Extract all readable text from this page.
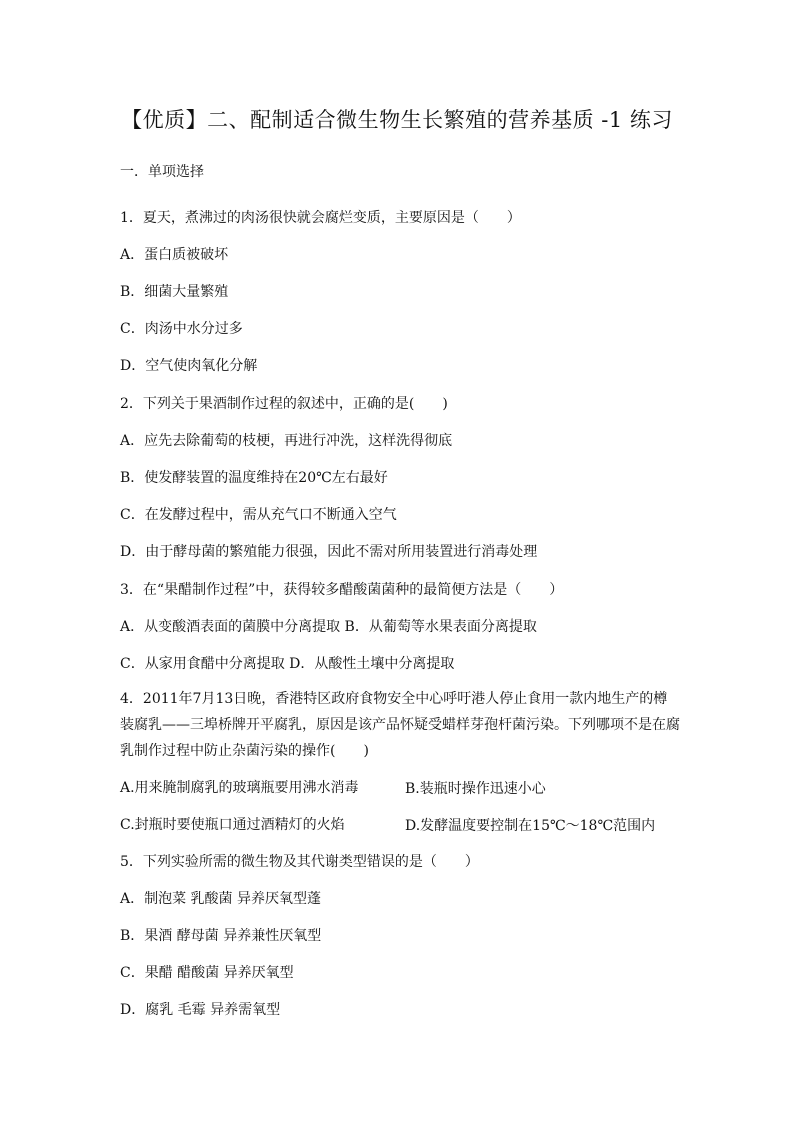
【优质】二、配制适合微生物生长繁殖的营养基质 -1 练习
一．单项选择
1．夏天，煮沸过的肉汤很快就会腐烂变质，主要原因是（　　）
A．蛋白质被破坏
B．细菌大量繁殖
C．肉汤中水分过多
D．空气使肉氧化分解
2．下列关于果酒制作过程的叙述中，正确的是(　　)
A．应先去除葡萄的枝梗，再进行冲洗，这样洗得彻底
B．使发酵装置的温度维持在20℃左右最好
C．在发酵过程中，需从充气口不断通入空气
D．由于酵母菌的繁殖能力很强，因此不需对所用装置进行消毒处理
3．在“果醋制作过程”中，获得较多醋酸菌菌种的最简便方法是（　　）
A．从变酸酒表面的菌膜中分离提取 B．从葡萄等水果表面分离提取
C．从家用食醋中分离提取 D．从酸性土壤中分离提取
4．2011年7月13日晚，香港特区政府食物安全中心呼吁港人停止食用一款内地生产的樽装腐乳——三埠桥牌开平腐乳，原因是该产品怀疑受蜡样芽孢杆菌污染。下列哪项不是在腐乳制作过程中防止杂菌污染的操作(　　)
A.用来腌制腐乳的玻璃瓶要用沸水消毒	B.装瓶时操作迅速小心
C.封瓶时要使瓶口通过酒精灯的火焰	D.发酵温度要控制在15℃～18℃范围内
5．下列实验所需的微生物及其代谢类型错误的是（　　）
A．制泡菜 乳酸菌 异养厌氧型蓬
B．果酒 酵母菌 异养兼性厌氧型
C．果醋 醋酸菌 异养厌氧型
D．腐乳 毛霉 异养需氧型
